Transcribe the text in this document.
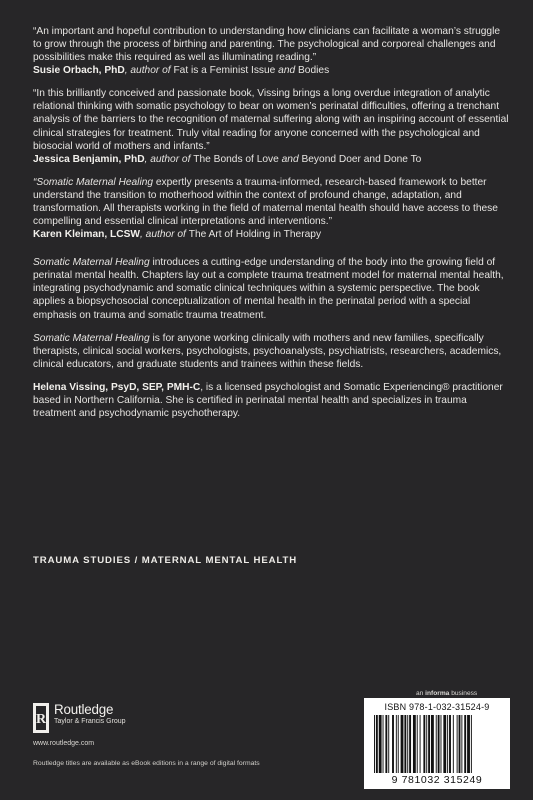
“An important and hopeful contribution to understanding how clinicians can facilitate a woman’s struggle to grow through the process of birthing and parenting. The psychological and corporeal challenges and possibilities make this required as well as illuminating reading.”

Susie Orbach, PhD, author of Fat is a Feminist Issue and Bodies

“In this brilliantly conceived and passionate book, Vissing brings a long overdue integration of analytic relational thinking with somatic psychology to bear on women’s perinatal difficulties, offering a trenchant analysis of the barriers to the recognition of maternal suffering along with an inspiring account of essential clinical strategies for treatment. Truly vital reading for anyone concerned with the psychological and biosocial world of mothers and infants.”

Jessica Benjamin, PhD, author of The Bonds of Love and Beyond Doer and Done To

“Somatic Maternal Healing expertly presents a trauma-informed, research-based framework to better understand the transition to motherhood within the context of profound change, adaptation, and transformation. All therapists working in the field of maternal mental health should have access to these compelling and essential clinical interpretations and interventions.”

Karen Kleiman, LCSW, author of The Art of Holding in Therapy

Somatic Maternal Healing introduces a cutting-edge understanding of the body into the growing field of perinatal mental health. Chapters lay out a complete trauma treatment model for maternal mental health, integrating psychodynamic and somatic clinical techniques within a systemic perspective. The book applies a biopsychosocial conceptualization of mental health in the perinatal period with a special emphasis on trauma and somatic trauma treatment.

Somatic Maternal Healing is for anyone working clinically with mothers and new families, specifically therapists, clinical social workers, psychologists, psychoanalysts, psychiatrists, researchers, academics, clinical educators, and graduate students and trainees within these fields.

Helena Vissing, PsyD, SEP, PMH-C, is a licensed psychologist and Somatic Experiencing® practitioner based in Northern California. She is certified in perinatal mental health and specializes in trauma treatment and psychodynamic psychotherapy.

TRAUMA STUDIES / MATERNAL MENTAL HEALTH
an informa business
R
Routledge
Taylor & Francis Group
www.routledge.com
Routledge titles are available as eBook editions in a range of digital formats
ISBN 978-1-032-31524-9
9 781032 315249
